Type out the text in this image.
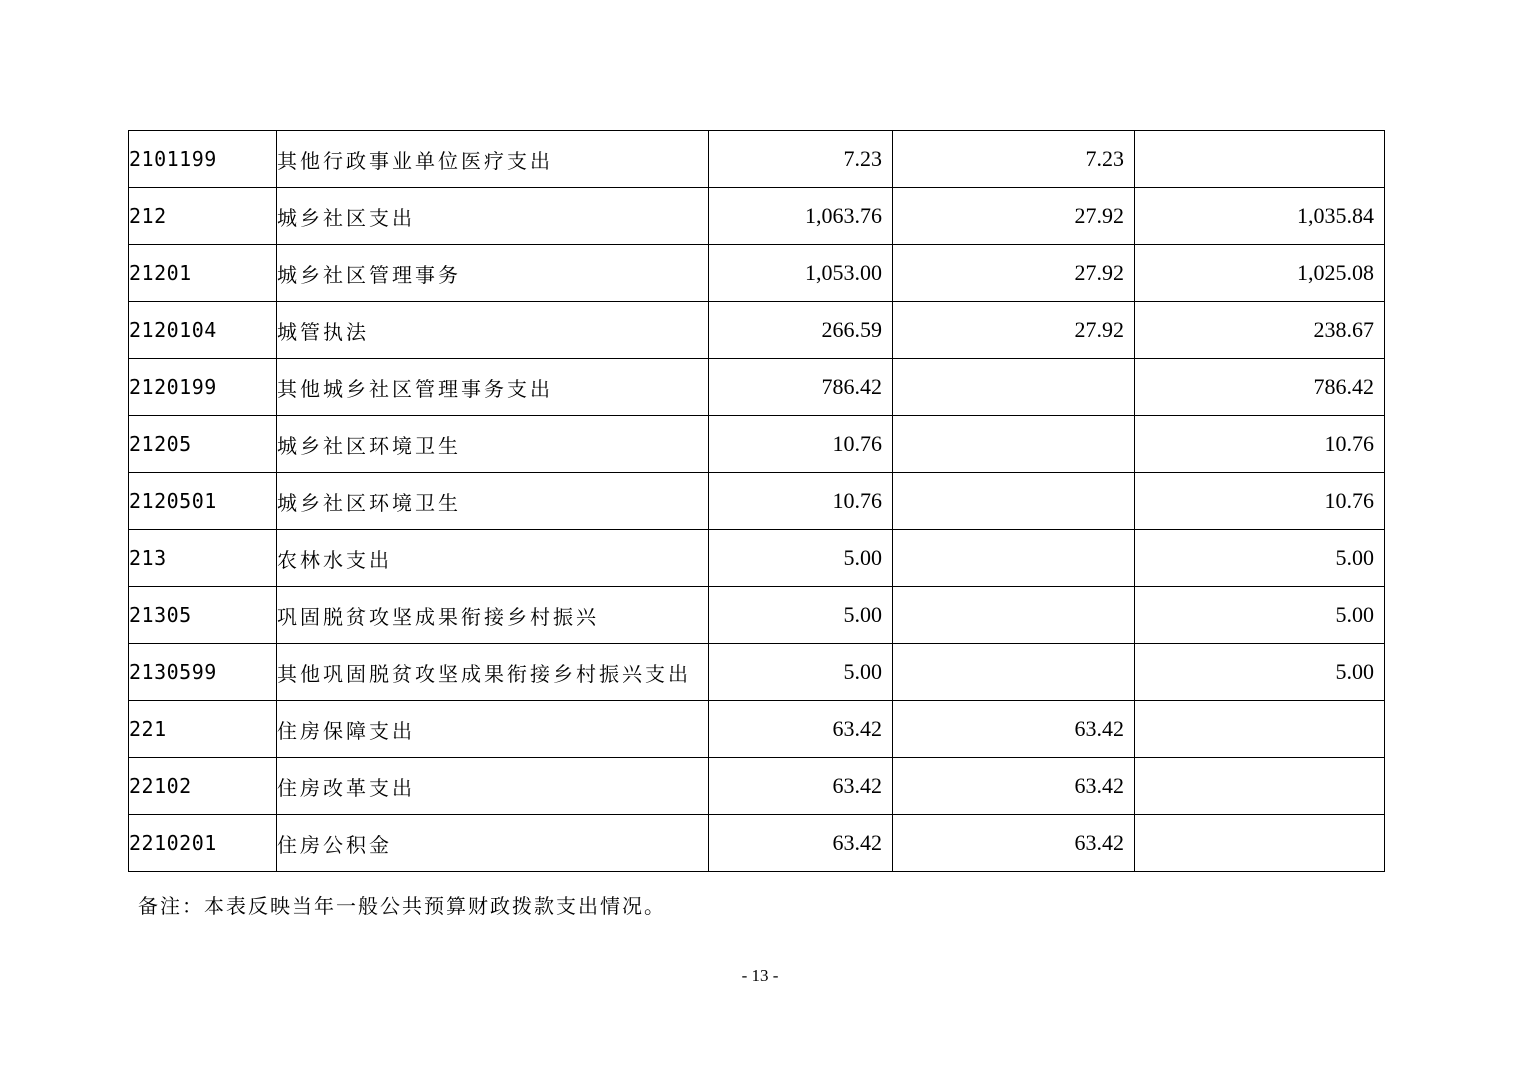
2101199	其他行政事业单位医疗支出	7.23	7.23	
212	城乡社区支出	1,063.76	27.92	1,035.84
21201	城乡社区管理事务	1,053.00	27.92	1,025.08
2120104	城管执法	266.59	27.92	238.67
2120199	其他城乡社区管理事务支出	786.42		786.42
21205	城乡社区环境卫生	10.76		10.76
2120501	城乡社区环境卫生	10.76		10.76
213	农林水支出	5.00		5.00
21305	巩固脱贫攻坚成果衔接乡村振兴	5.00		5.00
2130599	其他巩固脱贫攻坚成果衔接乡村振兴支出	5.00		5.00
221	住房保障支出	63.42	63.42	
22102	住房改革支出	63.42	63.42	
2210201	住房公积金	63.42	63.42	
备注：本表反映当年一般公共预算财政拨款支出情况。
- 13 -
